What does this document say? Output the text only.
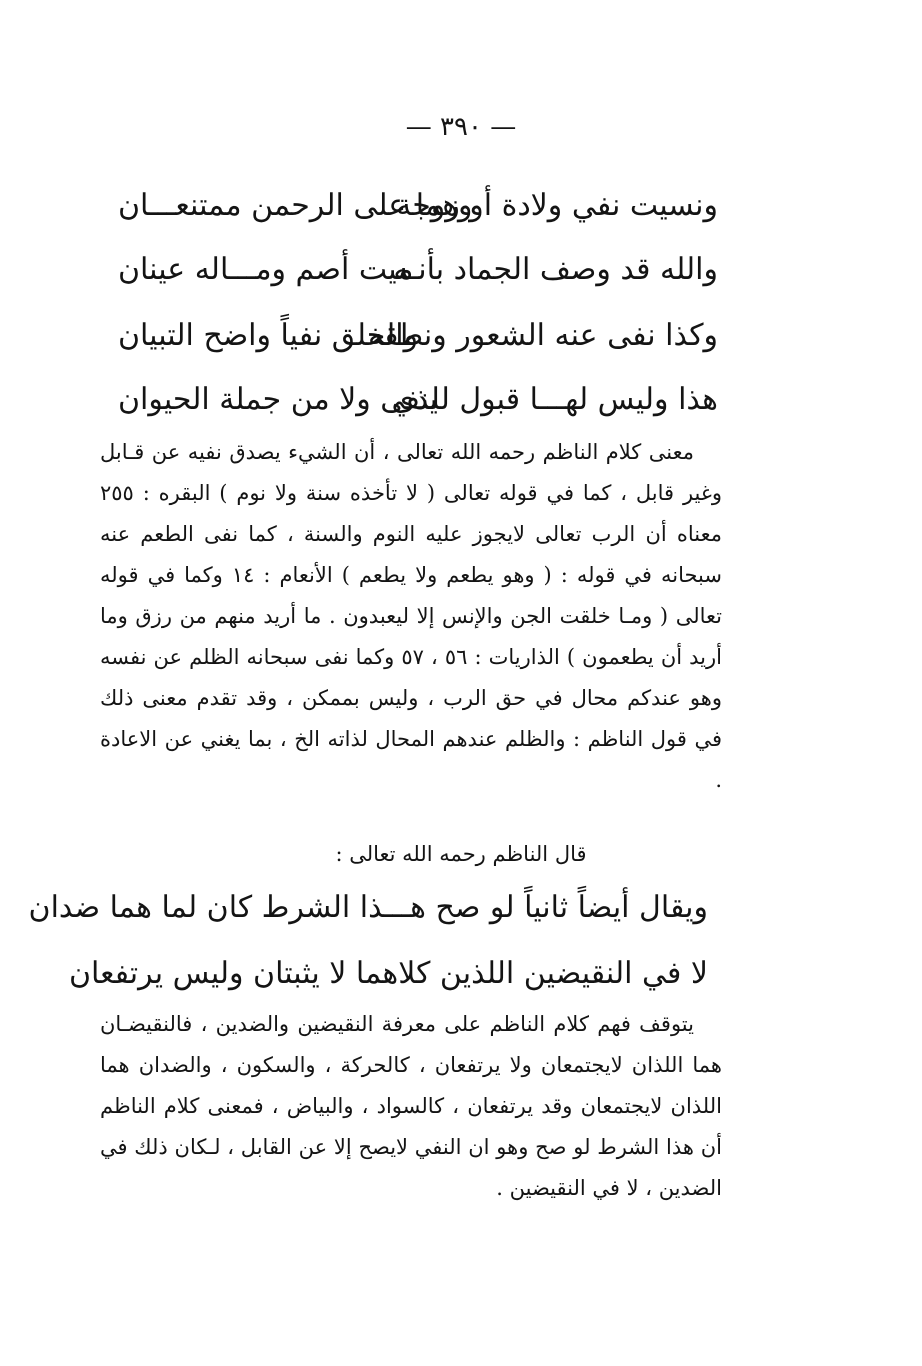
— ٣٩٠ —
ونسيت نفي ولادة أو زوجة
وهما على الرحمن ممتنعـــان
والله قد وصف الجماد بأنـه
ميت أصم ومـــاله عينان
وكذا نفى عنه الشعور ونطقه
والخلق نفياً واضح التبيان
هذا وليس لهـــا قبول للذي
ينفى ولا من جملة الحيوان

معنى كلام الناظم رحمه الله تعالى ، أن الشيء يصدق نفيه عن قـابل وغير قابل ، كما في قوله تعالى ( لا تأخذه سنة ولا نوم ) البقره : ٢٥٥ معناه أن الرب تعالى لايجوز عليه النوم والسنة ، كما نفى الطعم عنه سبحانه في قوله : ( وهو يطعم ولا يطعم ) الأنعام : ١٤ وكما في قوله تعالى ( ومـا خلقت الجن والإنس إلا ليعبدون . ما أريد منهم من رزق وما أريد أن يطعمون ) الذاريات : ٥٦ ، ٥٧ وكما نفى سبحانه الظلم عن نفسه وهو عندكم محال في حق الرب ، وليس بممكن ، وقد تقدم معنى ذلك في قول الناظم : والظلم عندهم المحال لذاته الخ ، بما يغني عن الاعادة .

قال الناظم رحمه الله تعالى :
ويقال أيضاً ثانياً لو صح هـــذا الشرط كان لما هما ضدان
لا في النقيضين اللذين كلاهما لا يثبتان وليس يرتفعان

يتوقف فهم كلام الناظم على معرفة النقيضين والضدين ، فالنقيضـان هما اللذان لايجتمعان ولا يرتفعان ، كالحركة ، والسكون ، والضدان هما اللذان لايجتمعان وقد يرتفعان ، كالسواد ، والبياض ، فمعنى كلام الناظم أن هذا الشرط لو صح وهو ان النفي لايصح إلا عن القابل ، لـكان ذلك في الضدين ، لا في النقيضين .
